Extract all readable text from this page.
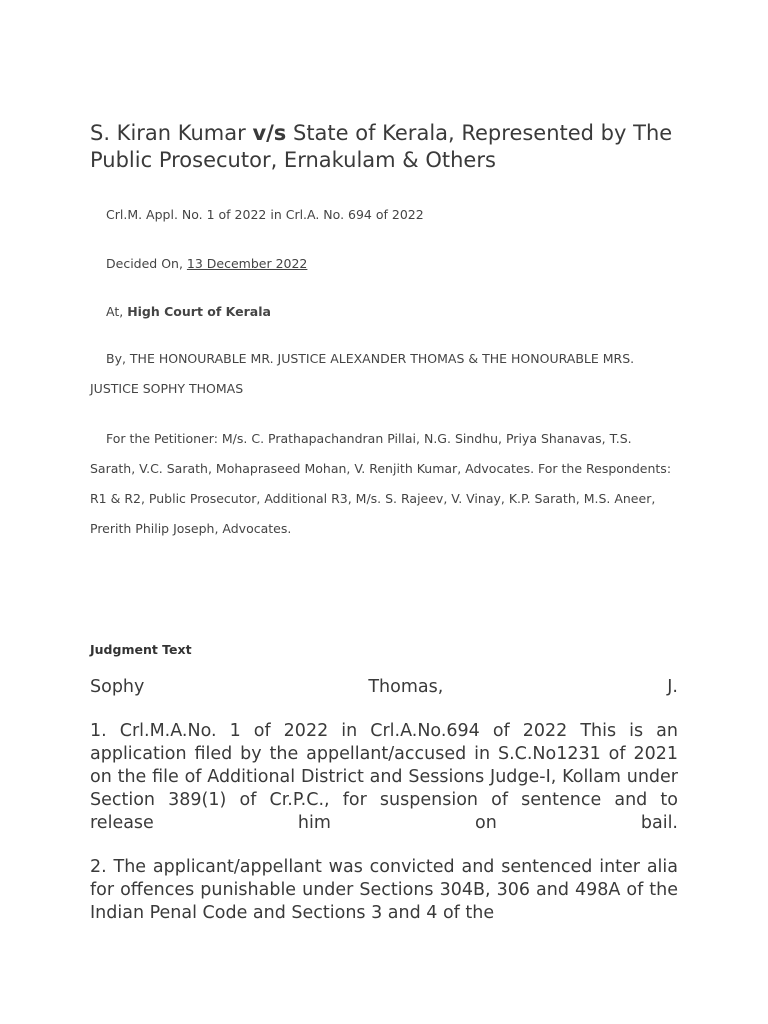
S. Kiran Kumar v/s State of Kerala, Represented by The Public Prosecutor, Ernakulam & Others

Crl.M. Appl. No. 1 of 2022 in Crl.A. No. 694 of 2022

Decided On, 13 December 2022

At, High Court of Kerala

By, THE HONOURABLE MR. JUSTICE ALEXANDER THOMAS & THE HONOURABLE MRS. JUSTICE SOPHY THOMAS

For the Petitioner: M/s. C. Prathapachandran Pillai, N.G. Sindhu, Priya Shanavas, T.S. Sarath, V.C. Sarath, Mohapraseed Mohan, V. Renjith Kumar, Advocates. For the Respondents: R1 & R2, Public Prosecutor, Additional R3, M/s. S. Rajeev, V. Vinay, K.P. Sarath, M.S. Aneer, Prerith Philip Joseph, Advocates.

Judgment Text

Sophy	Thomas,	J.

1. Crl.M.A.No. 1 of 2022 in Crl.A.No.694 of 2022 This is an application filed by the appellant/accused in S.C.No1231 of 2021 on the file of Additional District and Sessions Judge-I, Kollam under Section 389(1) of Cr.P.C., for suspension of sentence and to release him on bail.

2. The applicant/appellant was convicted and sentenced inter alia for offences punishable under Sections 304B, 306 and 498A of the Indian Penal Code and Sections 3 and 4 of the
